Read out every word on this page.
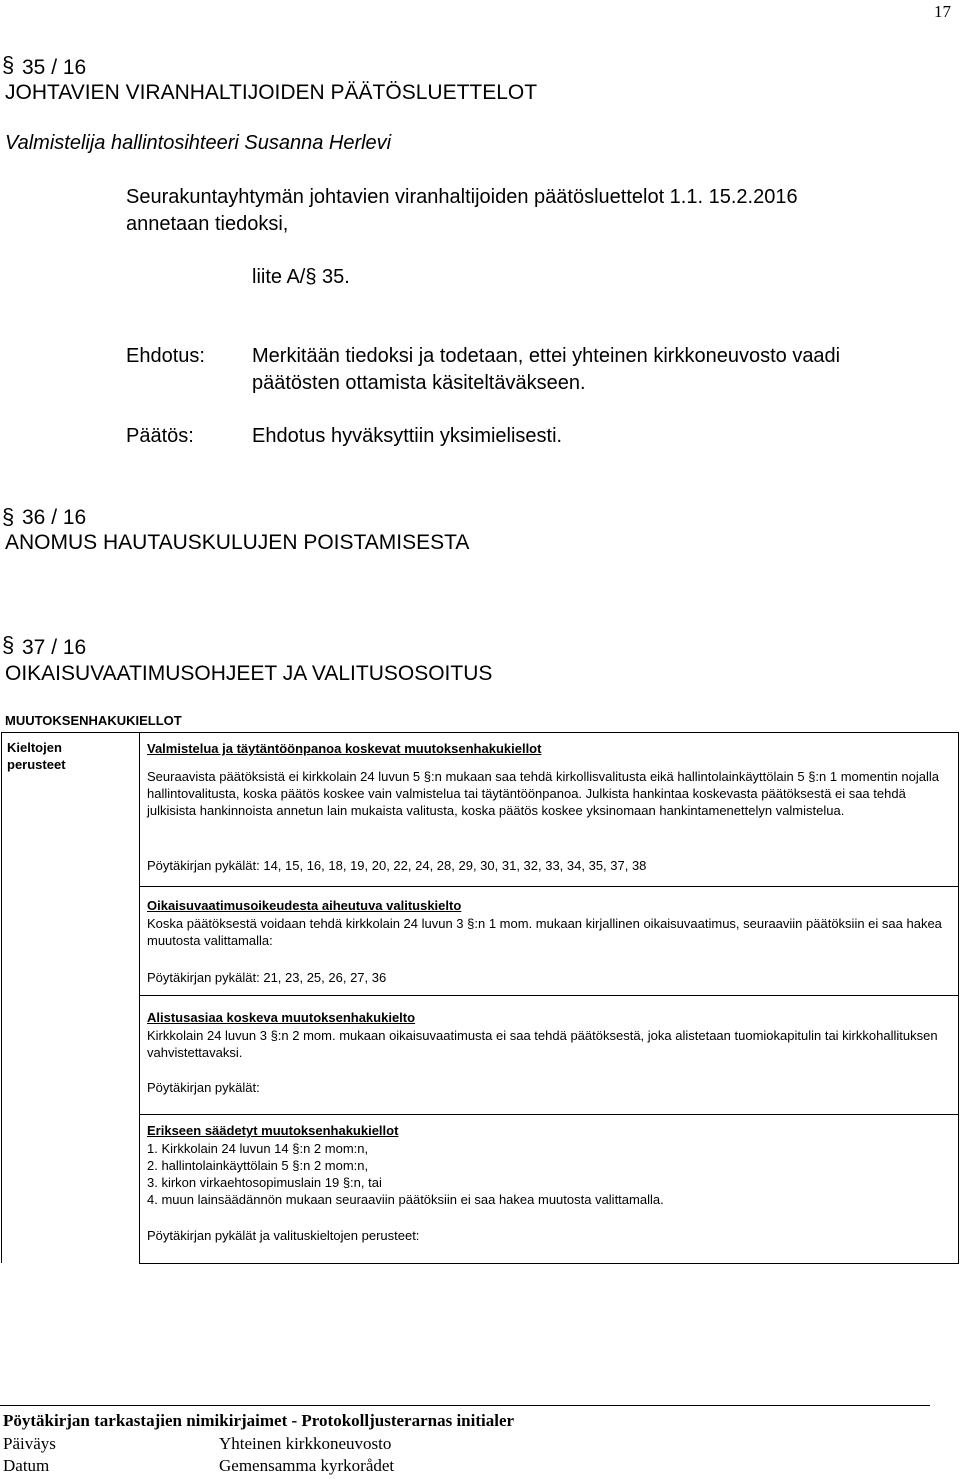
17
§ 35 / 16
JOHTAVIEN VIRANHALTIJOIDEN PÄÄTÖSLUETTELOT
Valmistelija hallintosihteeri Susanna Herlevi
Seurakuntayhtymän johtavien viranhaltijoiden päätösluettelot 1.1. 15.2.2016
annetaan tiedoksi,
liite A/§ 35.
Ehdotus: Merkitään tiedoksi ja todetaan, ettei yhteinen kirkkoneuvosto vaadi
päätösten ottamista käsiteltäväkseen.
Päätös:	Ehdotus hyväksyttiin yksimielisesti.
§ 36 / 16
ANOMUS HAUTAUSKULUJEN POISTAMISESTA
§ 37 / 16
OIKAISUVAATIMUSOHJEET JA VALITUSOSOITUS
MUUTOKSENHAKUKIELLOT
Kieltojen
perusteet
Valmistelua ja täytäntöönpanoa koskevat muutoksenhakukiellot
Seuraavista päätöksistä ei kirkkolain 24 luvun 5 §:n mukaan saa tehdä kirkollisvalitusta eikä hallintolainkäyttölain 5 §:n 1 momentin nojalla hallintovalitusta, koska päätös koskee vain valmistelua tai täytäntöönpanoa. Julkista hankintaa koskevasta päätöksestä ei saa tehdä julkisista hankinnoista annetun lain mukaista valitusta, koska päätös koskee yksinomaan hankintamenettelyn valmistelua.
Pöytäkirjan pykälät: 14, 15, 16, 18, 19, 20, 22, 24, 28, 29, 30, 31, 32, 33, 34, 35, 37, 38
Oikaisuvaatimusoikeudesta aiheutuva valituskielto
Koska päätöksestä voidaan tehdä kirkkolain 24 luvun 3 §:n 1 mom. mukaan kirjallinen oikaisuvaatimus, seuraaviin päätöksiin ei saa hakea muutosta valittamalla:
Pöytäkirjan pykälät: 21, 23, 25, 26, 27, 36
Alistusasiaa koskeva muutoksenhakukielto
Kirkkolain 24 luvun 3 §:n 2 mom. mukaan oikaisuvaatimusta ei saa tehdä päätöksestä, joka alistetaan tuomiokapitulin tai kirkkohallituksen vahvistettavaksi.
Pöytäkirjan pykälät:
Erikseen säädetyt muutoksenhakukiellot
1. Kirkkolain 24 luvun 14 §:n 2 mom:n,
2. hallintolainkäyttölain 5 §:n 2 mom:n,
3. kirkon virkaehtosopimuslain 19 §:n, tai
4. muun lainsäädännön mukaan seuraaviin päätöksiin ei saa hakea muutosta valittamalla.
Pöytäkirjan pykälät ja valituskieltojen perusteet:
Pöytäkirjan tarkastajien nimikirjaimet - Protokolljusterarnas initialer
Päiväys
Datum
Yhteinen kirkkoneuvosto
Gemensamma kyrkorådet
